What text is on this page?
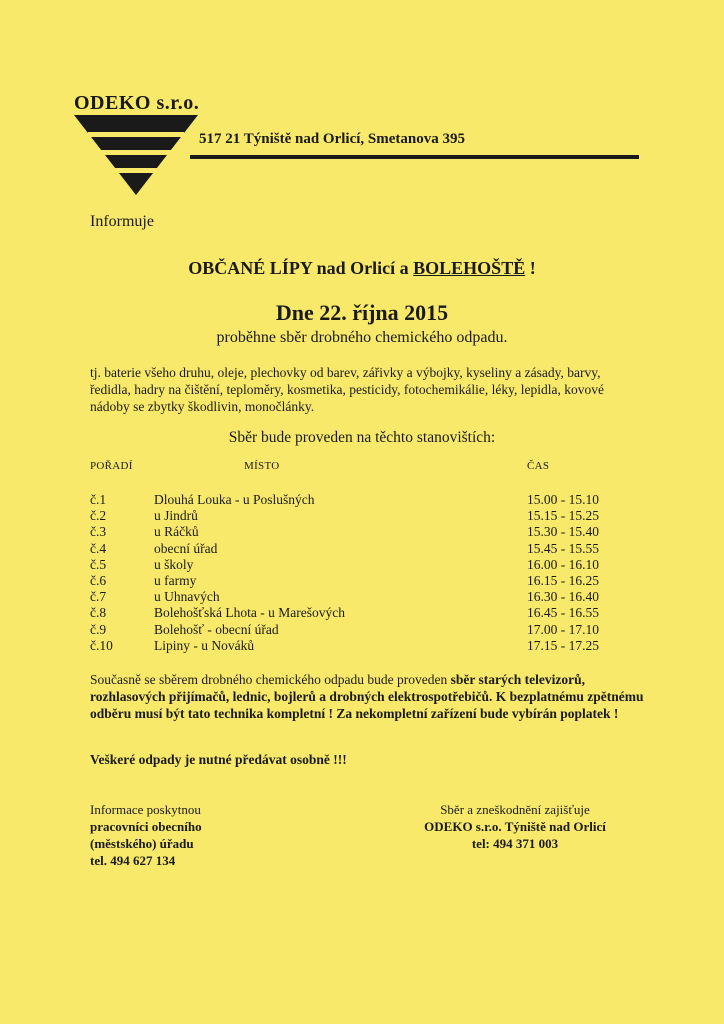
ODEKO s.r.o.
517 21 Týniště nad Orlicí, Smetanova 395
Informuje
OBČANÉ LÍPY nad Orlicí a BOLEHOŠTĚ !
Dne 22. října 2015
proběhne sběr drobného chemického odpadu.
tj. baterie všeho druhu, oleje, plechovky od barev, zářivky a výbojky, kyseliny a zásady, barvy,
ředidla, hadry na čištění, teploměry, kosmetika, pesticidy, fotochemikálie, léky, lepidla, kovové
nádoby se zbytky škodlivin, monočlánky.
Sběr bude proveden na těchto stanovištích:
POŘADÍ	MÍSTO	ČAS
č.1	Dlouhá Louka - u Poslušných	15.00 - 15.10
č.2	u Jindrů	15.15 - 15.25
č.3	u Ráčků	15.30 - 15.40
č.4	obecní úřad	15.45 - 15.55
č.5	u školy	16.00 - 16.10
č.6	u farmy	16.15 - 16.25
č.7	u Uhnavých	16.30 - 16.40
č.8	Bolehošťská Lhota - u Marešových	16.45 - 16.55
č.9	Bolehošť - obecní úřad	17.00 - 17.10
č.10	Lipiny - u Nováků	17.15 - 17.25
Současně se sběrem drobného chemického odpadu bude proveden sběr starých televizorů, rozhlasových přijímačů, lednic, bojlerů a drobných elektrospotřebičů. K bezplatnému zpětnému odběru musí být tato technika kompletní ! Za nekompletní zařízení bude vybírán poplatek !
Veškeré odpady je nutné předávat osobně !!!
Informace poskytnou
pracovníci obecního
(městského) úřadu
tel. 494 627 134
Sběr a zneškodnění zajišťuje
ODEKO s.r.o. Týniště nad Orlicí
tel: 494 371 003
